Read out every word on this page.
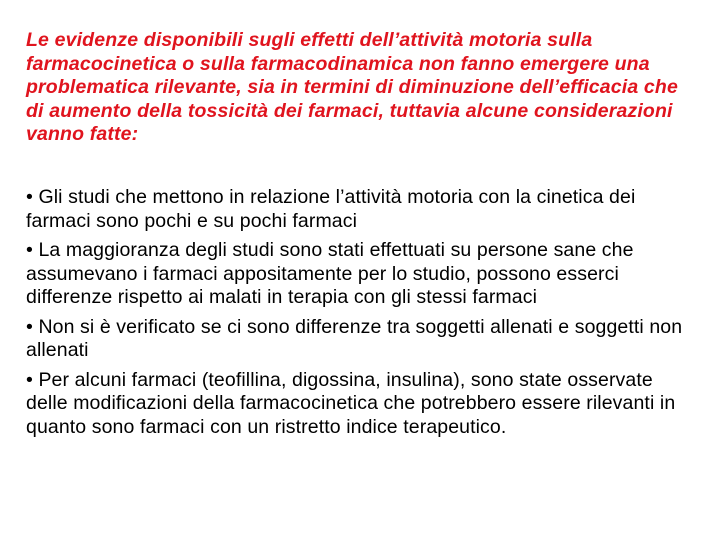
Le evidenze disponibili sugli effetti dell’attività motoria sulla farmacocinetica o sulla farmacodinamica non fanno emergere una problematica rilevante, sia in termini di diminuzione dell’efficacia che di aumento della tossicità dei farmaci, tuttavia alcune considerazioni vanno fatte:

• Gli studi che mettono in relazione l’attività motoria con la cinetica dei farmaci sono pochi e su pochi farmaci
• La maggioranza degli studi sono stati effettuati su persone sane che assumevano i farmaci appositamente per lo studio, possono esserci differenze rispetto ai malati in terapia con gli stessi farmaci
• Non si è verificato se ci sono differenze tra soggetti allenati e soggetti non allenati
• Per alcuni farmaci (teofillina, digossina, insulina), sono state osservate delle modificazioni della farmacocinetica che potrebbero essere rilevanti in quanto sono farmaci con un ristretto indice terapeutico.
